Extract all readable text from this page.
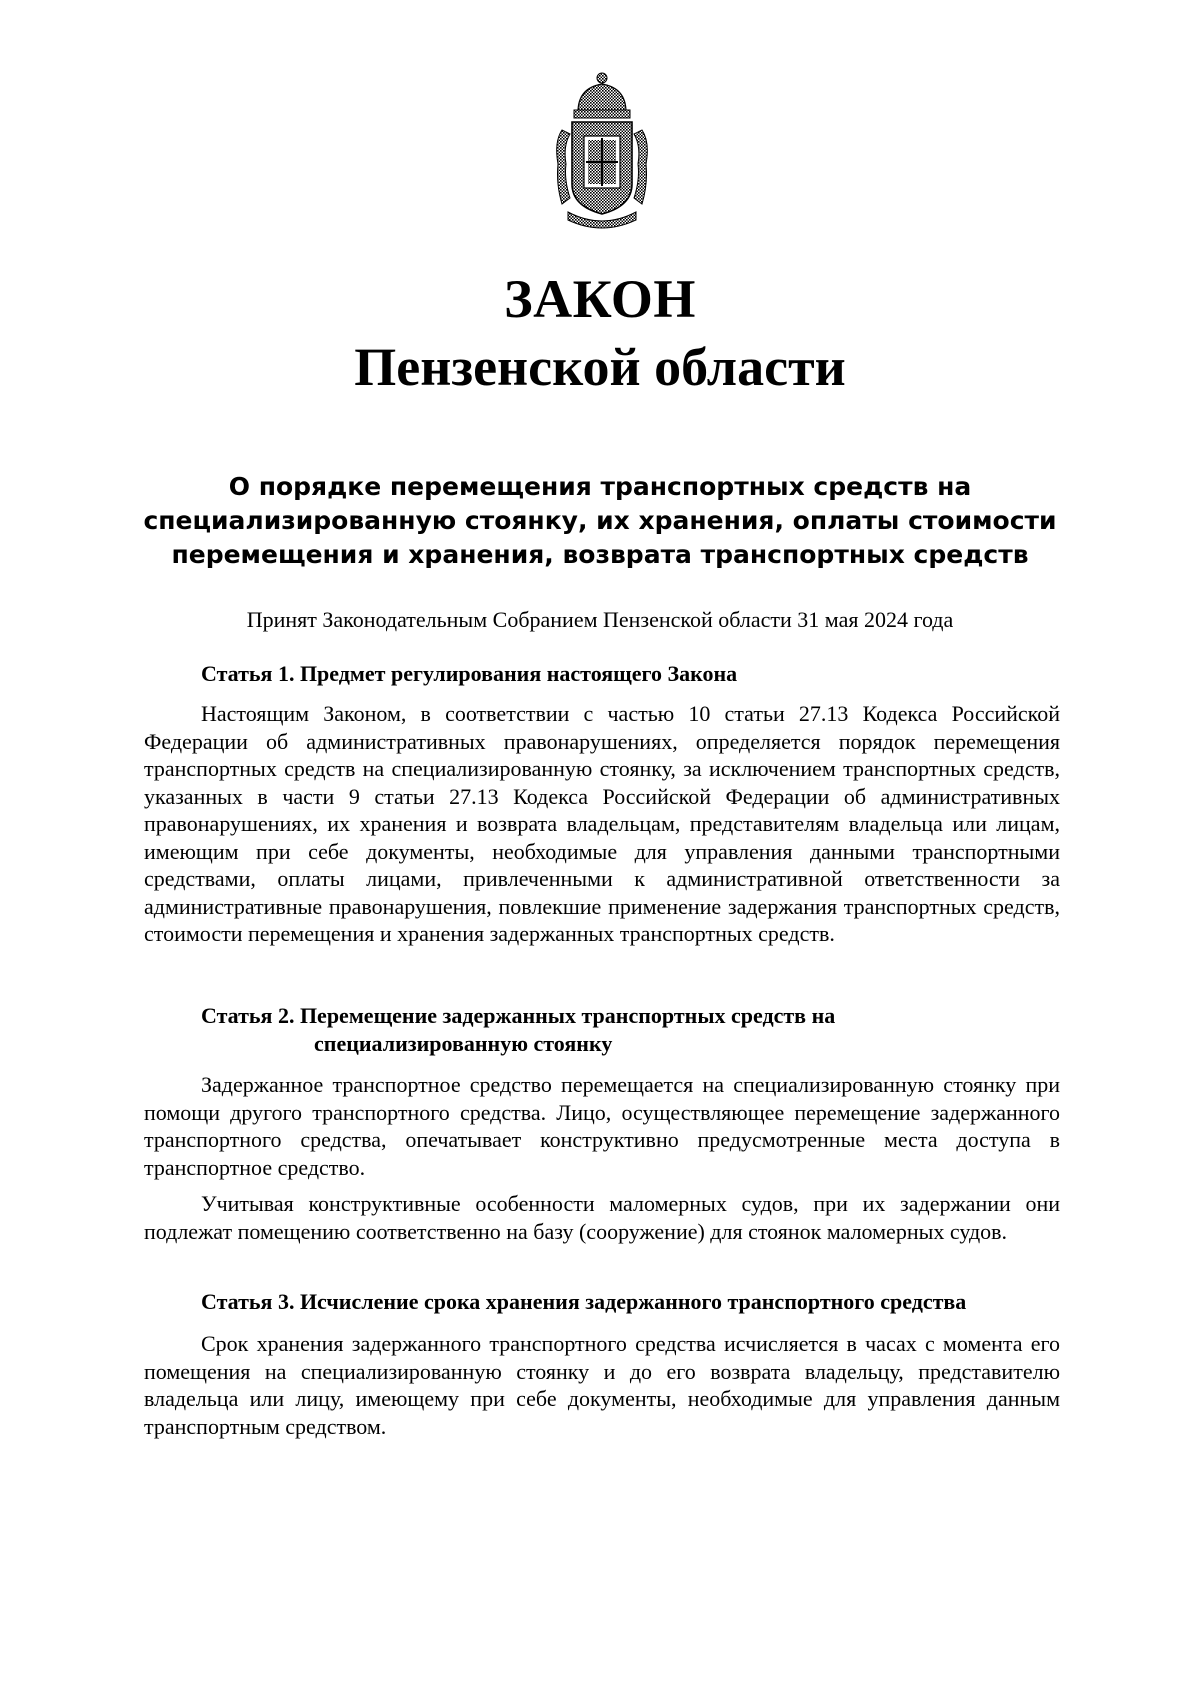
ЗАКОН
Пензенской области
О порядке перемещения транспортных средств на специализированную стоянку, их хранения, оплаты стоимости перемещения и хранения, возврата транспортных средств
Принят Законодательным Собранием Пензенской области 31 мая 2024 года
Статья 1. Предмет регулирования настоящего Закона
Настоящим Законом, в соответствии с частью 10 статьи 27.13 Кодекса Российской Федерации об административных правонарушениях, определяется порядок перемещения транспортных средств на специализированную стоянку, за исключением транспортных средств, указанных в части 9 статьи 27.13 Кодекса Российской Федерации об административных правонарушениях, их хранения и возврата владельцам, представителям владельца или лицам, имеющим при себе документы, необходимые для управления данными транспортными средствами, оплаты лицами, привлеченными к административной ответственности за административные правонарушения, повлекшие применение задержания транспортных средств, стоимости перемещения и хранения задержанных транспортных средств.
Статья 2. Перемещение задержанных транспортных средств на
специализированную стоянку
Задержанное транспортное средство перемещается на специализированную стоянку при помощи другого транспортного средства. Лицо, осуществляющее перемещение задержанного транспортного средства, опечатывает конструктивно предусмотренные места доступа в транспортное средство.
Учитывая конструктивные особенности маломерных судов, при их задержании они подлежат помещению соответственно на базу (сооружение) для стоянок маломерных судов.
Статья 3. Исчисление срока хранения задержанного транспортного средства
Срок хранения задержанного транспортного средства исчисляется в часах с момента его помещения на специализированную стоянку и до его возврата владельцу, представителю владельца или лицу, имеющему при себе документы, необходимые для управления данным транспортным средством.
